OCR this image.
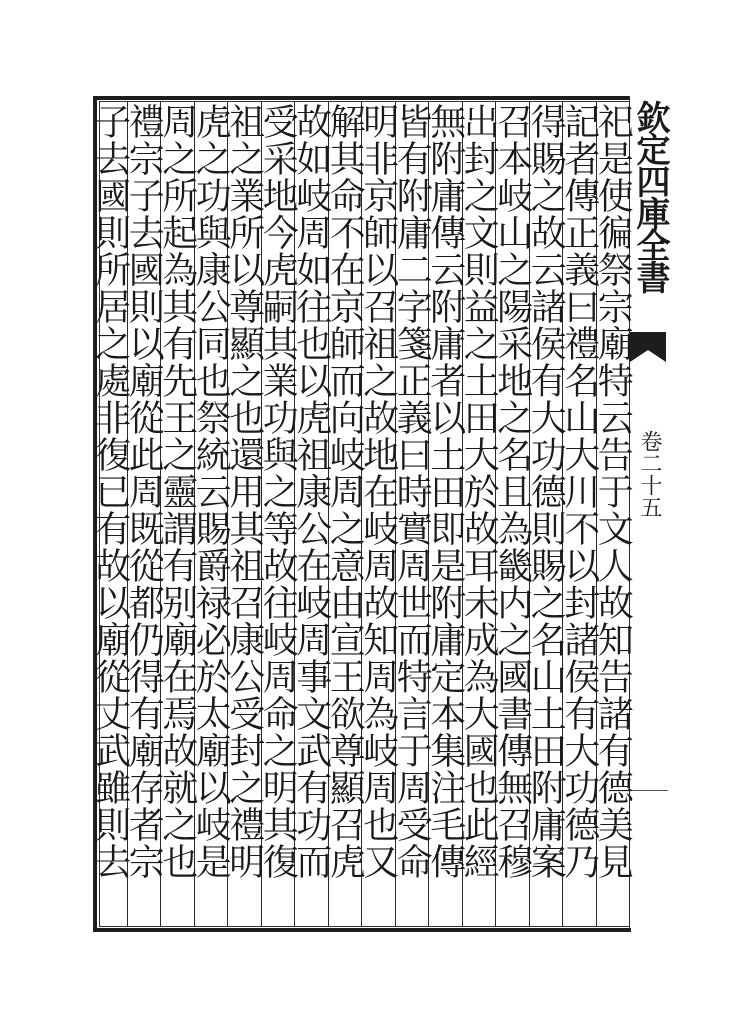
欽定四庫全書
卷二十五
祀是使徧祭宗廟特云告于文人故知告諸有德美見
記者傳正義曰禮名山大川不以封諸侯有大功德乃
得賜之故云諸侯有大功德則賜之名山土田附庸案
召本岐山之陽采地之名且為畿内之國書傳無召穆
出封之文則益之土田大於故耳未成為大國也此經
無附庸傳云附庸者以土田即是附庸定本集注毛傳
皆有附庸二字箋正義曰時實周世而特言于周受命
明非京師以召祖之故地在岐周故知周為岐周也又
解其命不在京師而向岐周之意由宣王欲尊顯召虎
故如岐周如往也以虎祖康公在岐周事文武有功而
受采地今虎嗣其業功與之等故往岐周命之明其復
祖之業所以尊顯之也還用其祖召康公受封之禮明
虎之功與康公同也祭統云賜爵禄必於太廟以岐是
周之所起為其有先王之靈謂有别廟在焉故就之也
禮宗子去國則以廟從此周既從都仍得有廟存者宗
子去國則所居之處非復已有故以廟從丈武雖則去
